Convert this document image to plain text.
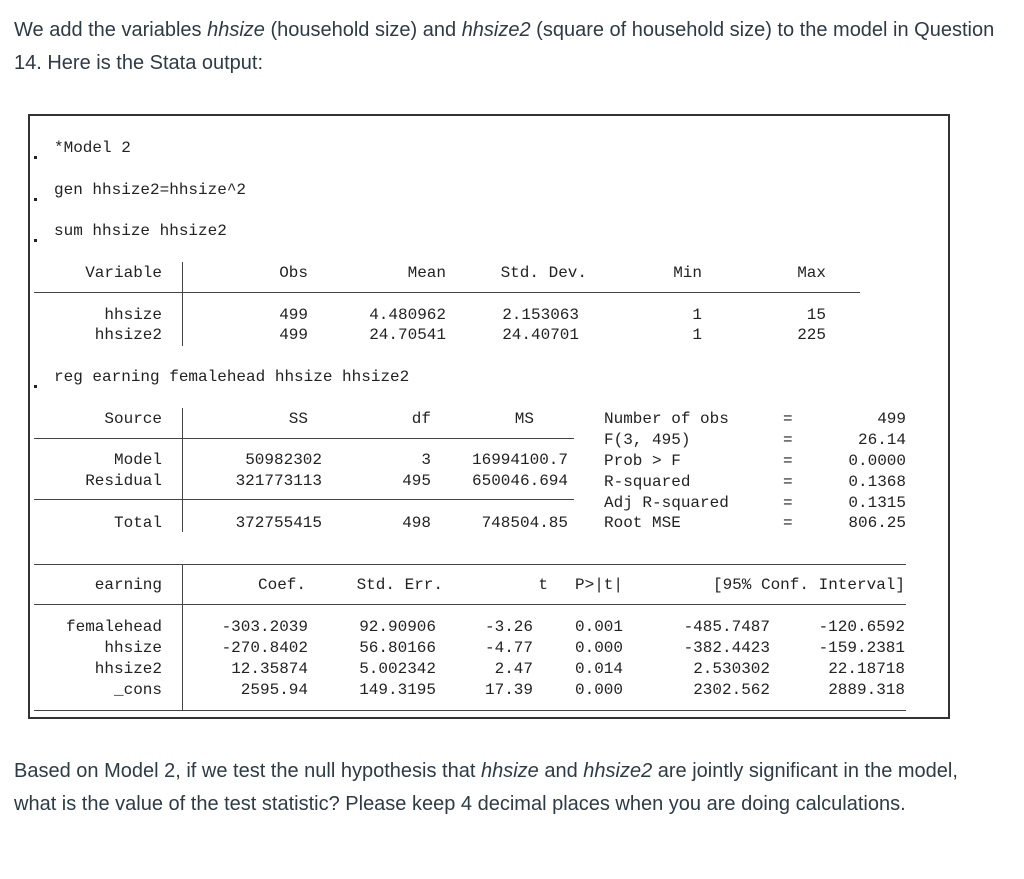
We add the variables hhsize (household size) and hhsize2 (square of household size) to the model in Question 14. Here is the Stata output:
*Model 2
gen hhsize2=hhsize^2
sum hhsize hhsize2
Variable	Obs	Mean	Std. Dev.	Min	Max
hhsize	499	4.480962	2.153063	1	15
hhsize2	499	24.70541	24.40701	1	225
reg earning femalehead hhsize hhsize2
Source	SS	df	MS
Model	50982302	3	16994100.7
Residual	321773113	495	650046.694
Total	372755415	498	748504.85
Number of obs	=	499
F(3, 495)	=	26.14
Prob > F	=	0.0000
R-squared	=	0.1368
Adj R-squared	=	0.1315
Root MSE	=	806.25
earning	Coef.	Std. Err.	t P>|t|	[95% Conf. Interval]
femalehead	-303.2039	92.90906	-3.26	0.001	-485.7487	-120.6592
hhsize	-270.8402	56.80166	-4.77	0.000	-382.4423	-159.2381
hhsize2	12.35874	5.002342	2.47	0.014	2.530302	22.18718
_cons	2595.94	149.3195	17.39	0.000	2302.562	2889.318
Based on Model 2, if we test the null hypothesis that hhsize and hhsize2 are jointly significant in the model, what is the value of the test statistic? Please keep 4 decimal places when you are doing calculations.
